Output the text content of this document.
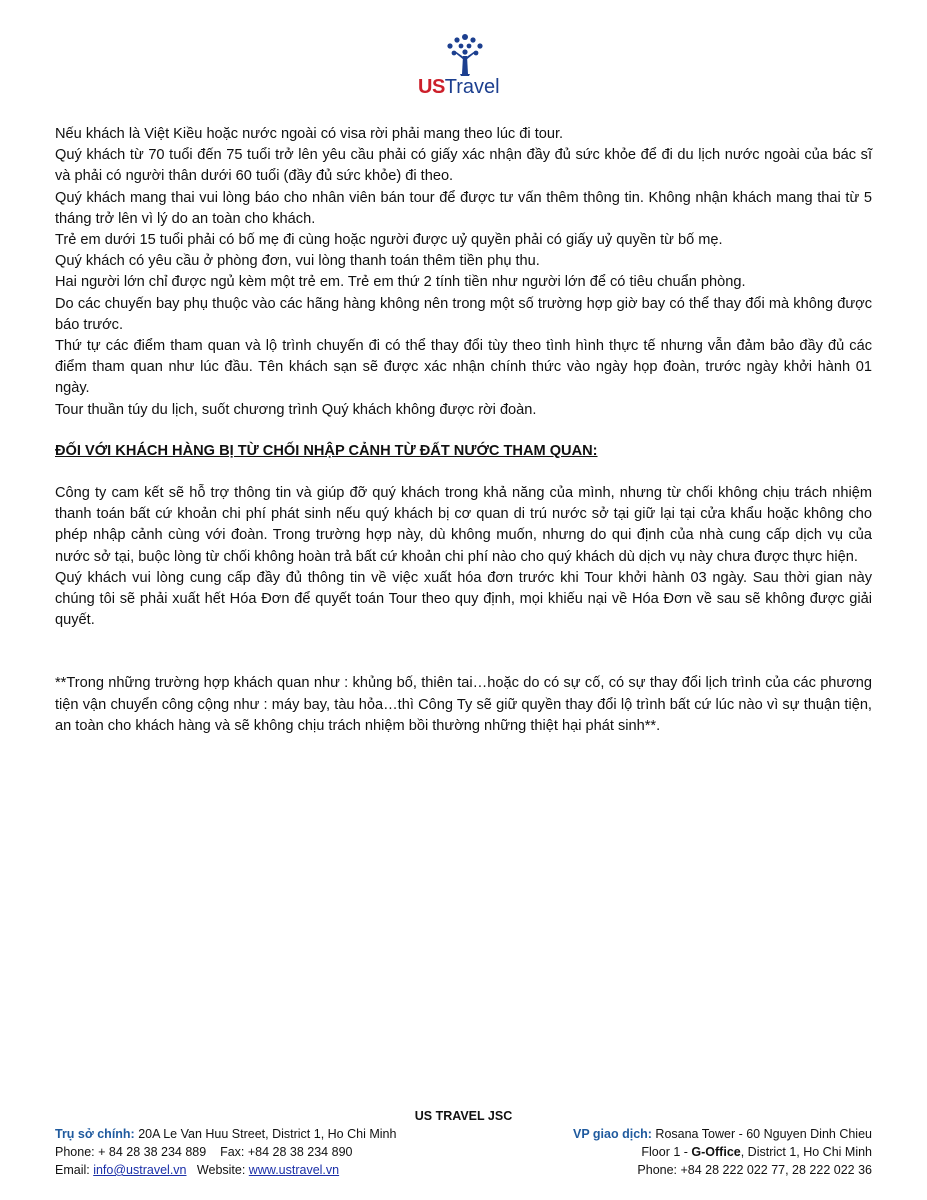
USTravel

Nếu khách là Việt Kiều hoặc nước ngoài có visa rời phải mang theo lúc đi tour.

Quý khách từ 70 tuổi đến 75 tuổi trở lên yêu cầu phải có giấy xác nhận đầy đủ sức khỏe để đi du lịch nước ngoài của bác sĩ và phải có người thân dưới 60 tuổi (đầy đủ sức khỏe) đi theo.

Quý khách mang thai vui lòng báo cho nhân viên bán tour để được tư vấn thêm thông tin. Không nhận khách mang thai từ 5 tháng trở lên vì lý do an toàn cho khách.

Trẻ em dưới 15 tuổi phải có bố mẹ đi cùng hoặc người được uỷ quyền phải có giấy uỷ quyền từ bố mẹ.

Quý khách có yêu cầu ở phòng đơn, vui lòng thanh toán thêm tiền phụ thu.

Hai người lớn chỉ được ngủ kèm một trẻ em. Trẻ em thứ 2 tính tiền như người lớn để có tiêu chuẩn phòng.

Do các chuyến bay phụ thuộc vào các hãng hàng không nên trong một số trường hợp giờ bay có thể thay đổi mà không được báo trước.

Thứ tự các điểm tham quan và lộ trình chuyến đi có thể thay đổi tùy theo tình hình thực tế nhưng vẫn đảm bảo đầy đủ các điểm tham quan như lúc đầu. Tên khách sạn sẽ được xác nhận chính thức vào ngày họp đoàn, trước ngày khởi hành 01 ngày.

Tour thuần túy du lịch, suốt chương trình Quý khách không được rời đoàn.

ĐỐI VỚI KHÁCH HÀNG BỊ TỪ CHỐI NHẬP CẢNH TỪ ĐẤT NƯỚC THAM QUAN:

Công ty cam kết sẽ hỗ trợ thông tin và giúp đỡ quý khách trong khả năng của mình, nhưng từ chối không chịu trách nhiệm thanh toán bất cứ khoản chi phí phát sinh nếu quý khách bị cơ quan di trú nước sở tại giữ lại tại cửa khẩu hoặc không cho phép nhập cảnh cùng với đoàn. Trong trường hợp này, dù không muốn, nhưng do qui định của nhà cung cấp dịch vụ của nước sở tại, buộc lòng từ chối không hoàn trả bất cứ khoản chi phí nào cho quý khách dù dịch vụ này chưa được thực hiện.

Quý khách vui lòng cung cấp đầy đủ thông tin về việc xuất hóa đơn trước khi Tour khởi hành 03 ngày. Sau thời gian này chúng tôi sẽ phải xuất hết Hóa Đơn để quyết toán Tour theo quy định, mọi khiếu nại về Hóa Đơn về sau sẽ không được giải quyết.

**Trong những trường hợp khách quan như : khủng bố, thiên tai…hoặc do có sự cố, có sự thay đổi lịch trình của các phương tiện vận chuyển công cộng như : máy bay, tàu hỏa…thì Công Ty sẽ giữ quyền thay đổi lộ trình bất cứ lúc nào vì sự thuận tiện, an toàn cho khách hàng và sẽ không chịu trách nhiệm bồi thường những thiệt hại phát sinh**.

US TRAVEL JSC
Trụ sở chính: 20A Le Van Huu Street, District 1, Ho Chi Minh
Phone: + 84 28 38 234 889    Fax: +84 28 38 234 890
Email: info@ustravel.vn   Website: www.ustravel.vn
VP giao dịch: Rosana Tower - 60 Nguyen Dinh Chieu
Floor 1 - G-Office, District 1, Ho Chi Minh
Phone: +84 28 222 022 77, 28 222 022 36
